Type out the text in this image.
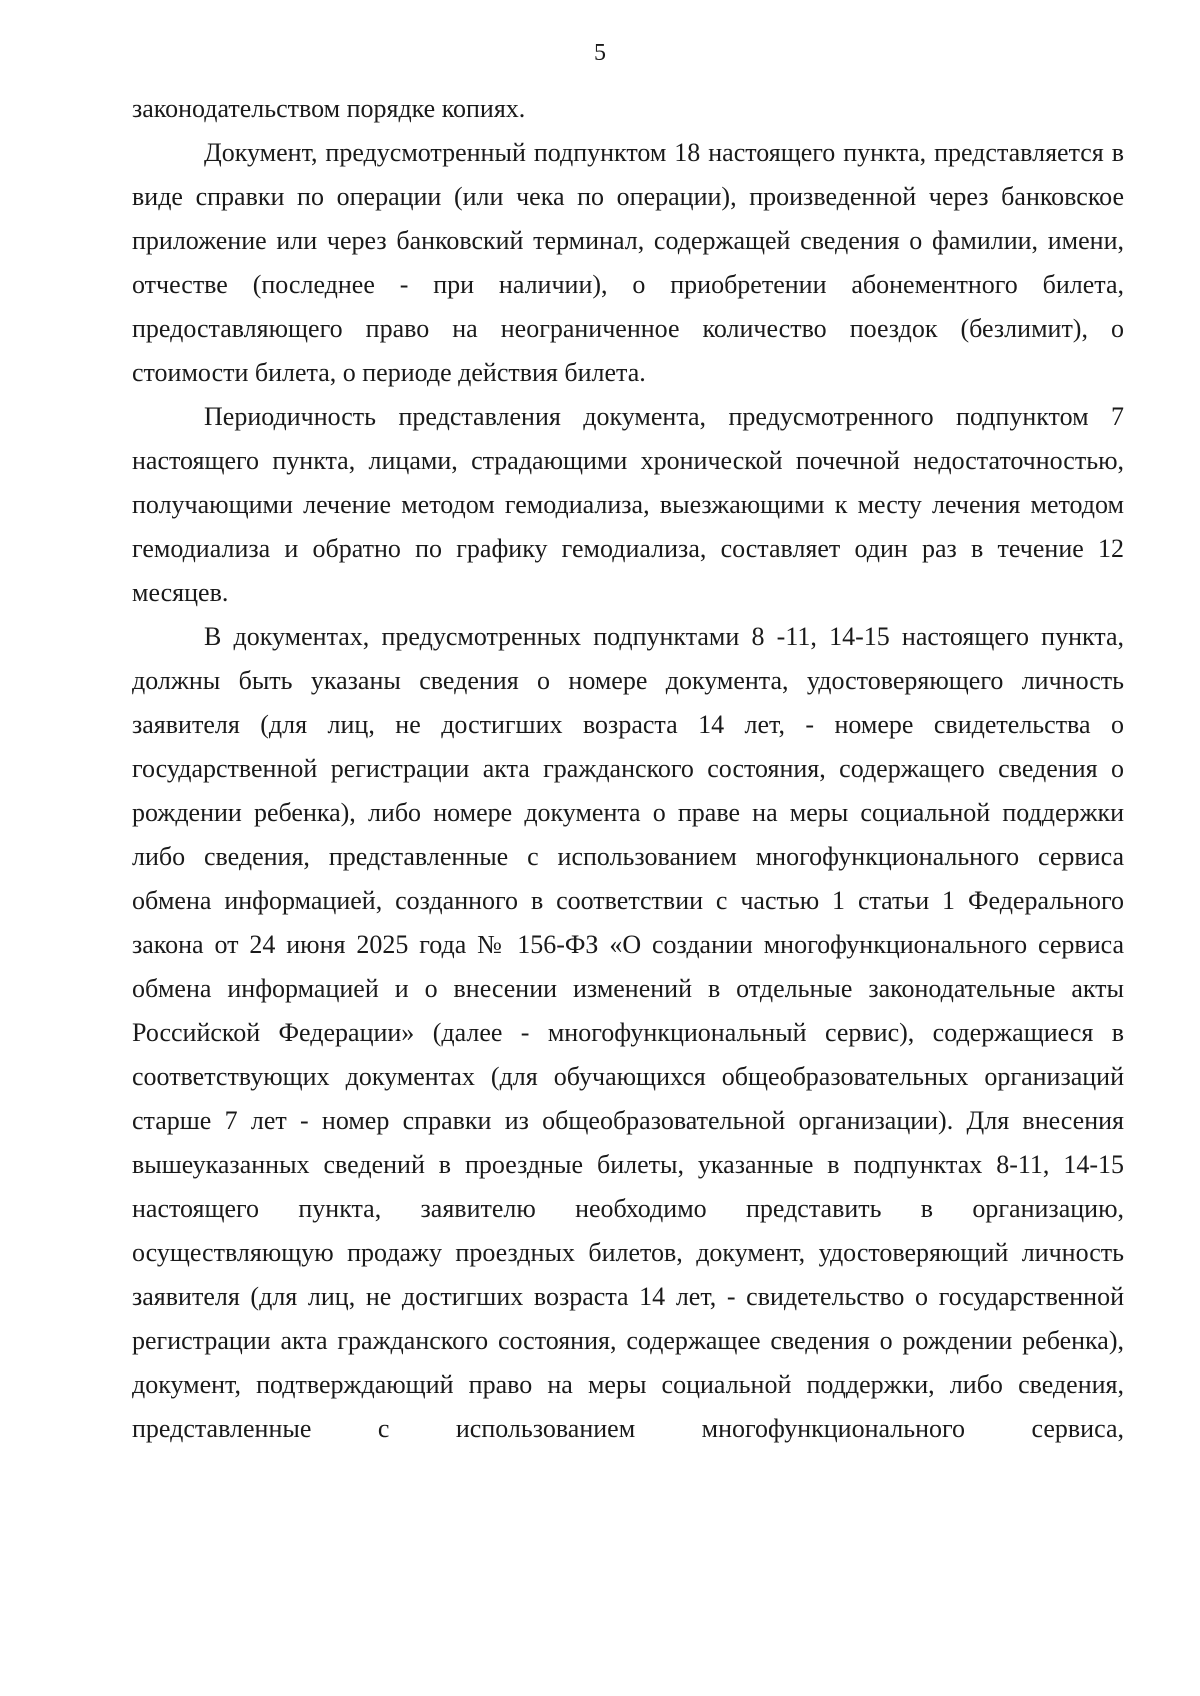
5

законодательством порядке копиях.

Документ, предусмотренный подпунктом 18 настоящего пункта, представляется в виде справки по операции (или чека по операции), произведенной через банковское приложение или через банковский терминал, содержащей сведения о фамилии, имени, отчестве (последнее - при наличии), о приобретении абонементного билета, предоставляющего право на неограниченное количество поездок (безлимит), о стоимости билета, о периоде действия билета.

Периодичность представления документа, предусмотренного подпунктом 7 настоящего пункта, лицами, страдающими хронической почечной недостаточностью, получающими лечение методом гемодиализа, выезжающими к месту лечения методом гемодиализа и обратно по графику гемодиализа, составляет один раз в течение 12 месяцев.

В документах, предусмотренных подпунктами 8 -11, 14-15 настоящего пункта, должны быть указаны сведения о номере документа, удостоверяющего личность заявителя (для лиц, не достигших возраста 14 лет, - номере свидетельства о государственной регистрации акта гражданского состояния, содержащего сведения о рождении ребенка), либо номере документа о праве на меры социальной поддержки либо сведения, представленные с использованием многофункционального сервиса обмена информацией, созданного в соответствии с частью 1 статьи 1 Федерального закона от 24 июня 2025 года № 156-ФЗ «О создании многофункционального сервиса обмена информацией и о внесении изменений в отдельные законодательные акты Российской Федерации» (далее - многофункциональный сервис), содержащиеся в соответствующих документах (для обучающихся общеобразовательных организаций старше 7 лет - номер справки из общеобразовательной организации). Для внесения вышеуказанных сведений в проездные билеты, указанные в подпунктах 8-11, 14-15 настоящего пункта, заявителю необходимо представить в организацию, осуществляющую продажу проездных билетов, документ, удостоверяющий личность заявителя (для лиц, не достигших возраста 14 лет, - свидетельство о государственной регистрации акта гражданского состояния, содержащее сведения о рождении ребенка), документ, подтверждающий право на меры социальной поддержки, либо сведения, представленные с использованием многофункционального сервиса,
